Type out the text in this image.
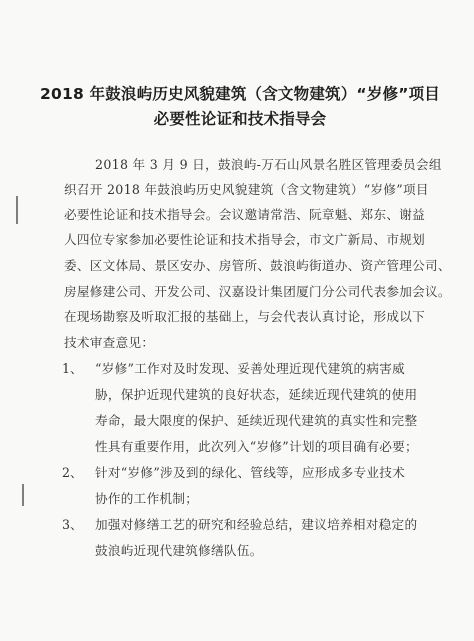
2018 年鼓浪屿历史风貌建筑（含文物建筑）“岁修”项目
必要性论证和技术指导会
2018 年 3 月 9 日，鼓浪屿-万石山风景名胜区管理委员会组
织召开 2018 年鼓浪屿历史风貌建筑（含文物建筑）“岁修”项目
必要性论证和技术指导会。会议邀请常浩、阮章魁、郑东、谢益
人四位专家参加必要性论证和技术指导会，市文广新局、市规划
委、区文体局、景区安办、房管所、鼓浪屿街道办、资产管理公司、
房屋修建公司、开发公司、汉嘉设计集团厦门分公司代表参加会议。
在现场勘察及听取汇报的基础上，与会代表认真讨论，形成以下
技术审查意见：
1、 “岁修”工作对及时发现、妥善处理近现代建筑的病害威
胁，保护近现代建筑的良好状态，延续近现代建筑的使用
寿命，最大限度的保护、延续近现代建筑的真实性和完整
性具有重要作用，此次列入“岁修”计划的项目确有必要；
2、 针对“岁修”涉及到的绿化、管线等，应形成多专业技术
协作的工作机制；
3、 加强对修缮工艺的研究和经验总结，建议培养相对稳定的
鼓浪屿近现代建筑修缮队伍。
